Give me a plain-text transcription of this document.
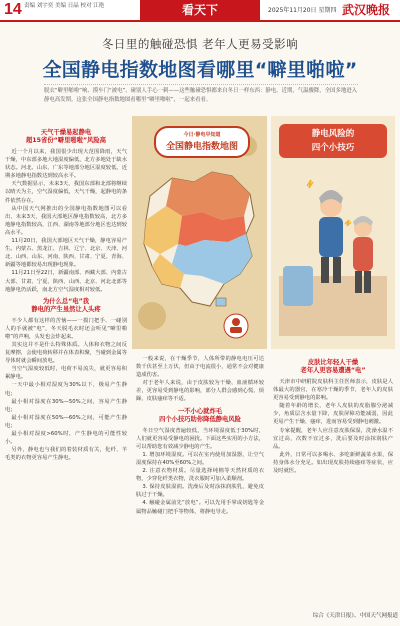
14 责编 刘宇奕 美编 日晶 校对 江艳	看天下	2025年11月20日 星期四 武汉晚报
冬日里的触碰恐惧 老年人更易受影响
全国静电指数地图看哪里“噼里啪啦”
脱衣“噼里啪啦”响、摸车门“被电”、碰别人手心一刺——这些触碰恐惧都来自冬日一样东西：静电。近期，气温骤降，全国多地进入静电高发期。这张全国静电指数地图看哪里“噼里啪啦”，一起来看看。
天气干燥易起静电
超15省份“噼里啪啦”风险高

近一个月以来，我国很少出现大范围降雨，天气干燥，中东部多地大地湿度偏低，北方多地处于缺水状态。河北、山东、广东等地部分地区湿度较低，近期多地静电指数达到较高水平。

天气数据显示，未来3天，我国东部和北部将继续以晴天为主，空气湿度偏低，天气干燥，起静电的条件依然存在。

从中国天气网推出的全国静电指数地图可以看出，未来3天，我国大部地区静电指数较高，北方多地静电指数较高，江西、湖南等地部分地区也达到较高水平。

11月20日，我国大部地区天气干燥，静电容易产生。内蒙古、黑龙江、吉林、辽宁、北京、天津、河北、山西、山东、河南、陕西、甘肃、宁夏、青海、新疆等地都较易出现静电现象。

11月21日至22日，新疆南部、西藏大部、内蒙古大部、甘肃、宁夏、陕西、山西、北京、河北北部等地静电仍活跃，南北方空气湿度相对较低。

为什么总“电”我
静电的产生虽然让人头疼

不少人都有这样的苦恼——一摸门把手、一碰别人的手就被“电”，冬天脱毛衣时还会听见“噼里啪啦”的声响，头发也会炸起来。

其实这并不是什么特殊体质。人体和衣物之间反复摩擦，会使电荷转移并在体表积聚，当碰到金属等导体时就会瞬间放电。

当空气湿度较低时，电荷不易流失，就更容易积累静电。

一天中最小相对湿度为30%以下，极易产生静电；

最小相对湿度在30%—50%之间，容易产生静电；

最小相对湿度在50%—60%之间，可能产生静电；

最小相对湿度>60%时，产生静电的可能性较小。

另外，静电也与我们的着装材质有关，化纤、羊毛类的衣物更容易产生静电。

今日·静电早知道
全国静电指数地图
静电风险的
四个小技巧

一般来说，在干燥季节，人体所带的静电电压可达数千伏甚至上万伏，但由于电流很小，通常不会对健康造成伤害。

对于老年人来说，由于皮肤较为干燥、血液循环较差，更容易受到静电的影响，部分人群会感到心慌、烦躁、皮肤瘙痒等不适。

一不小心就炸毛
四个小技巧助你降低静电风险

冬日空气湿度普遍较低，当环境湿度低于30%时，人们就更容易受静电的困扰。下面这些实用的小方法，可以帮助您有效减少静电的产生。

1. 增加环境湿度。可以在室内使用加湿器，让空气湿度保持在40%至60%之间。

2. 注意衣物材质。尽量选择纯棉等天然材质的衣物，少穿化纤类衣物，洗衣服时可加入柔顺剂。

3. 保持皮肤湿润。洗澡后及时涂抹润肤乳，避免皮肤过于干燥。

4. 触碰金属前先“放电”。可以先用手掌或钥匙等金属物品触碰门把手等物体，将静电导走。

皮肤比年轻人干燥
老年人更容易遭遇“电”

天津市中研附院皮肤科主任医师表示，皮肤是人体最大的器官，在寒冷干燥的季节，老年人的皮肤更容易受到静电的影响。

随着年龄的增长，老年人皮肤的皮脂腺分泌减少，角质层含水量下降，皮肤屏障功能减弱，因此更易产生干燥、瘙痒，进而容易受到静电刺激。

专家提醒，老年人应注意皮肤保湿，洗澡水温不宜过高，次数不宜过多，洗后要及时涂抹润肤产品。

此外，日常可以多喝水、多吃新鲜蔬菜水果，保持身体水分充足。如出现皮肤持续瘙痒等症状，应及时就医。

综合《天津日报》、中国天气网报道
